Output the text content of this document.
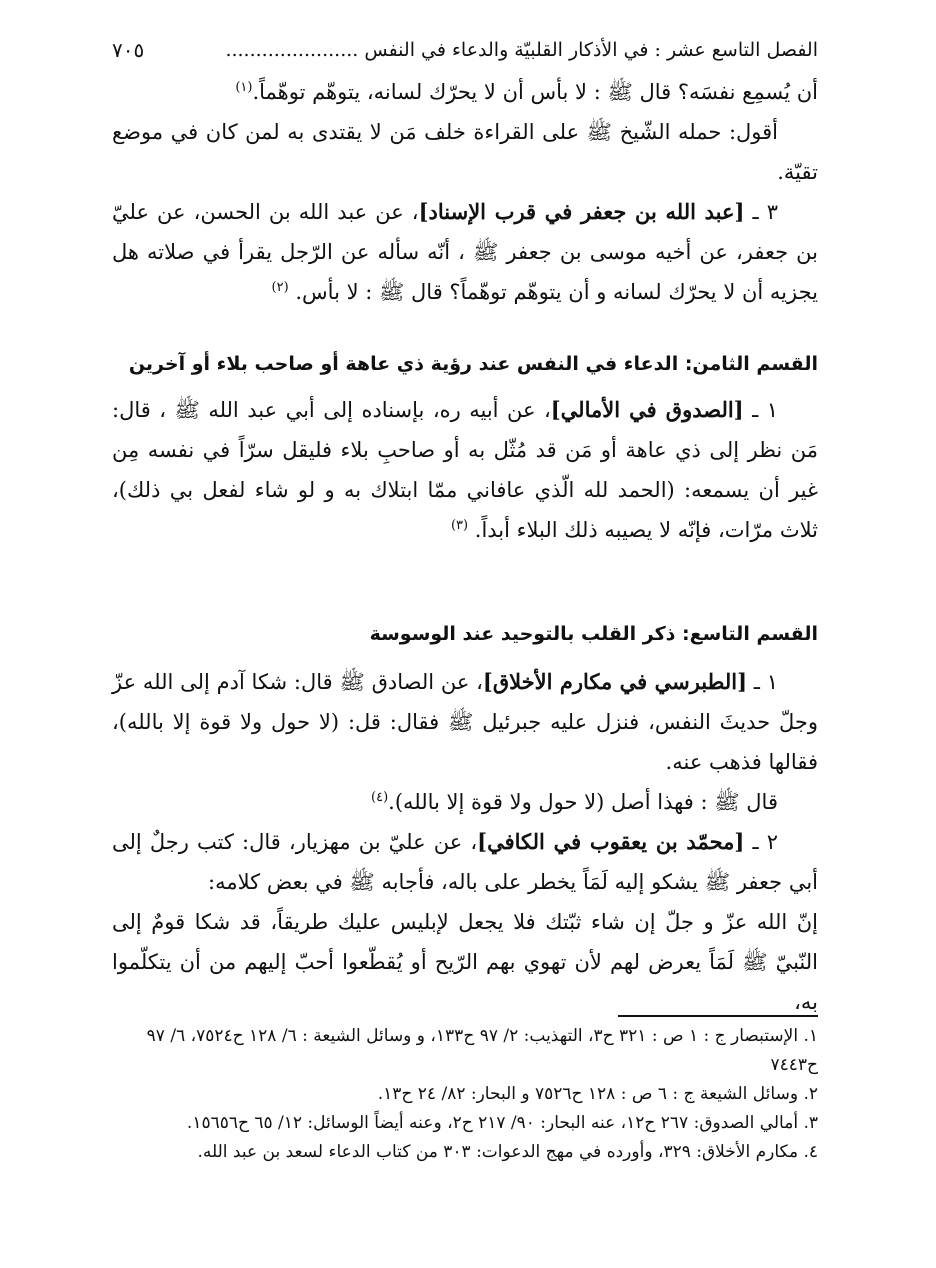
الفصل التاسع عشر : في الأذكار القلبيّة والدعاء في النفس ......................
٧٠٥

أن يُسمِع نفسَه؟ قال ﷺ : لا بأس أن لا يحرّك لسانه، يتوهّم توهّماً.$^{(١)}$

أقول: حمله الشّيخ ﷺ على القراءة خلف مَن لا يقتدى به لمن كان في موضع تقيّة.

٣ ـ [عبد الله بن جعفر في قرب الإسناد]، عن عبد الله بن الحسن، عن عليّ بن جعفر، عن أخيه موسى بن جعفر ﷺ ، أنّه سأله عن الرّجل يقرأ في صلاته هل يجزيه أن لا يحرّك لسانه و أن يتوهّم توهّماً؟ قال ﷺ : لا بأس. $^{(٢)}$

القسم الثامن: الدعاء في النفس عند رؤية ذي عاهة أو صاحب بلاء أو آخرين

١ ـ [الصدوق في الأمالي]، عن أبيه ره، بإسناده إلى أبي عبد الله ﷺ ، قال: مَن نظر إلى ذي عاهة أو مَن قد مُثّل به أو صاحبِ بلاء فليقل سرّاً في نفسه مِن غير أن يسمعه: (الحمد لله الّذي عافاني ممّا ابتلاك به و لو شاء لفعل بي ذلك)، ثلاث مرّات، فإنّه لا يصيبه ذلك البلاء أبداً. $^{(٣)}$

القسم التاسع: ذكر القلب بالتوحيد عند الوسوسة

١ ـ [الطبرسي في مكارم الأخلاق]، عن الصادق ﷺ قال: شكا آدم إلى الله عزّ وجلّ حديثَ النفس، فنزل عليه جبرئيل ﷺ فقال: قل: (لا حول ولا قوة إلا بالله)، فقالها فذهب عنه.

قال ﷺ : فهذا أصل (لا حول ولا قوة إلا بالله).$^{(٤)}$

٢ ـ [محمّد بن يعقوب في الكافي]، عن عليّ بن مهزيار، قال: كتب رجلٌ إلى أبي جعفر ﷺ يشكو إليه لَمَاً يخطر على باله، فأجابه ﷺ في بعض كلامه:

إنّ الله عزّ و جلّ إن شاء ثبّتك فلا يجعل لإبليس عليك طريقاً، قد شكا قومٌ إلى النّبيّ ﷺ لَمَاً يعرض لهم لأن تهوي بهم الرّيح أو يُقطّعوا أحبّ إليهم من أن يتكلّموا به،

١. الإستبصار ج : ١ ص : ٣٢١ ح٣، التهذيب: ٢/ ٩٧ ح١٣٣، و وسائل الشيعة : ٦/ ١٢٨ ح٧٥٢٤، ٦/ ٩٧ ح٧٤٤٣

٢. وسائل الشيعة ج : ٦ ص : ١٢٨ ح٧٥٢٦ و البحار: ٨٢/ ٢٤ ح١٣.

٣. أمالي الصدوق: ٢٦٧ ح١٢، عنه البحار: ٩٠/ ٢١٧ ح٢، وعنه أيضاً الوسائل: ١٢/ ٦٥ ح١٥٦٥٦.

٤. مكارم الأخلاق: ٣٢٩، وأورده في مهج الدعوات: ٣٠٣ من كتاب الدعاء لسعد بن عبد الله.
